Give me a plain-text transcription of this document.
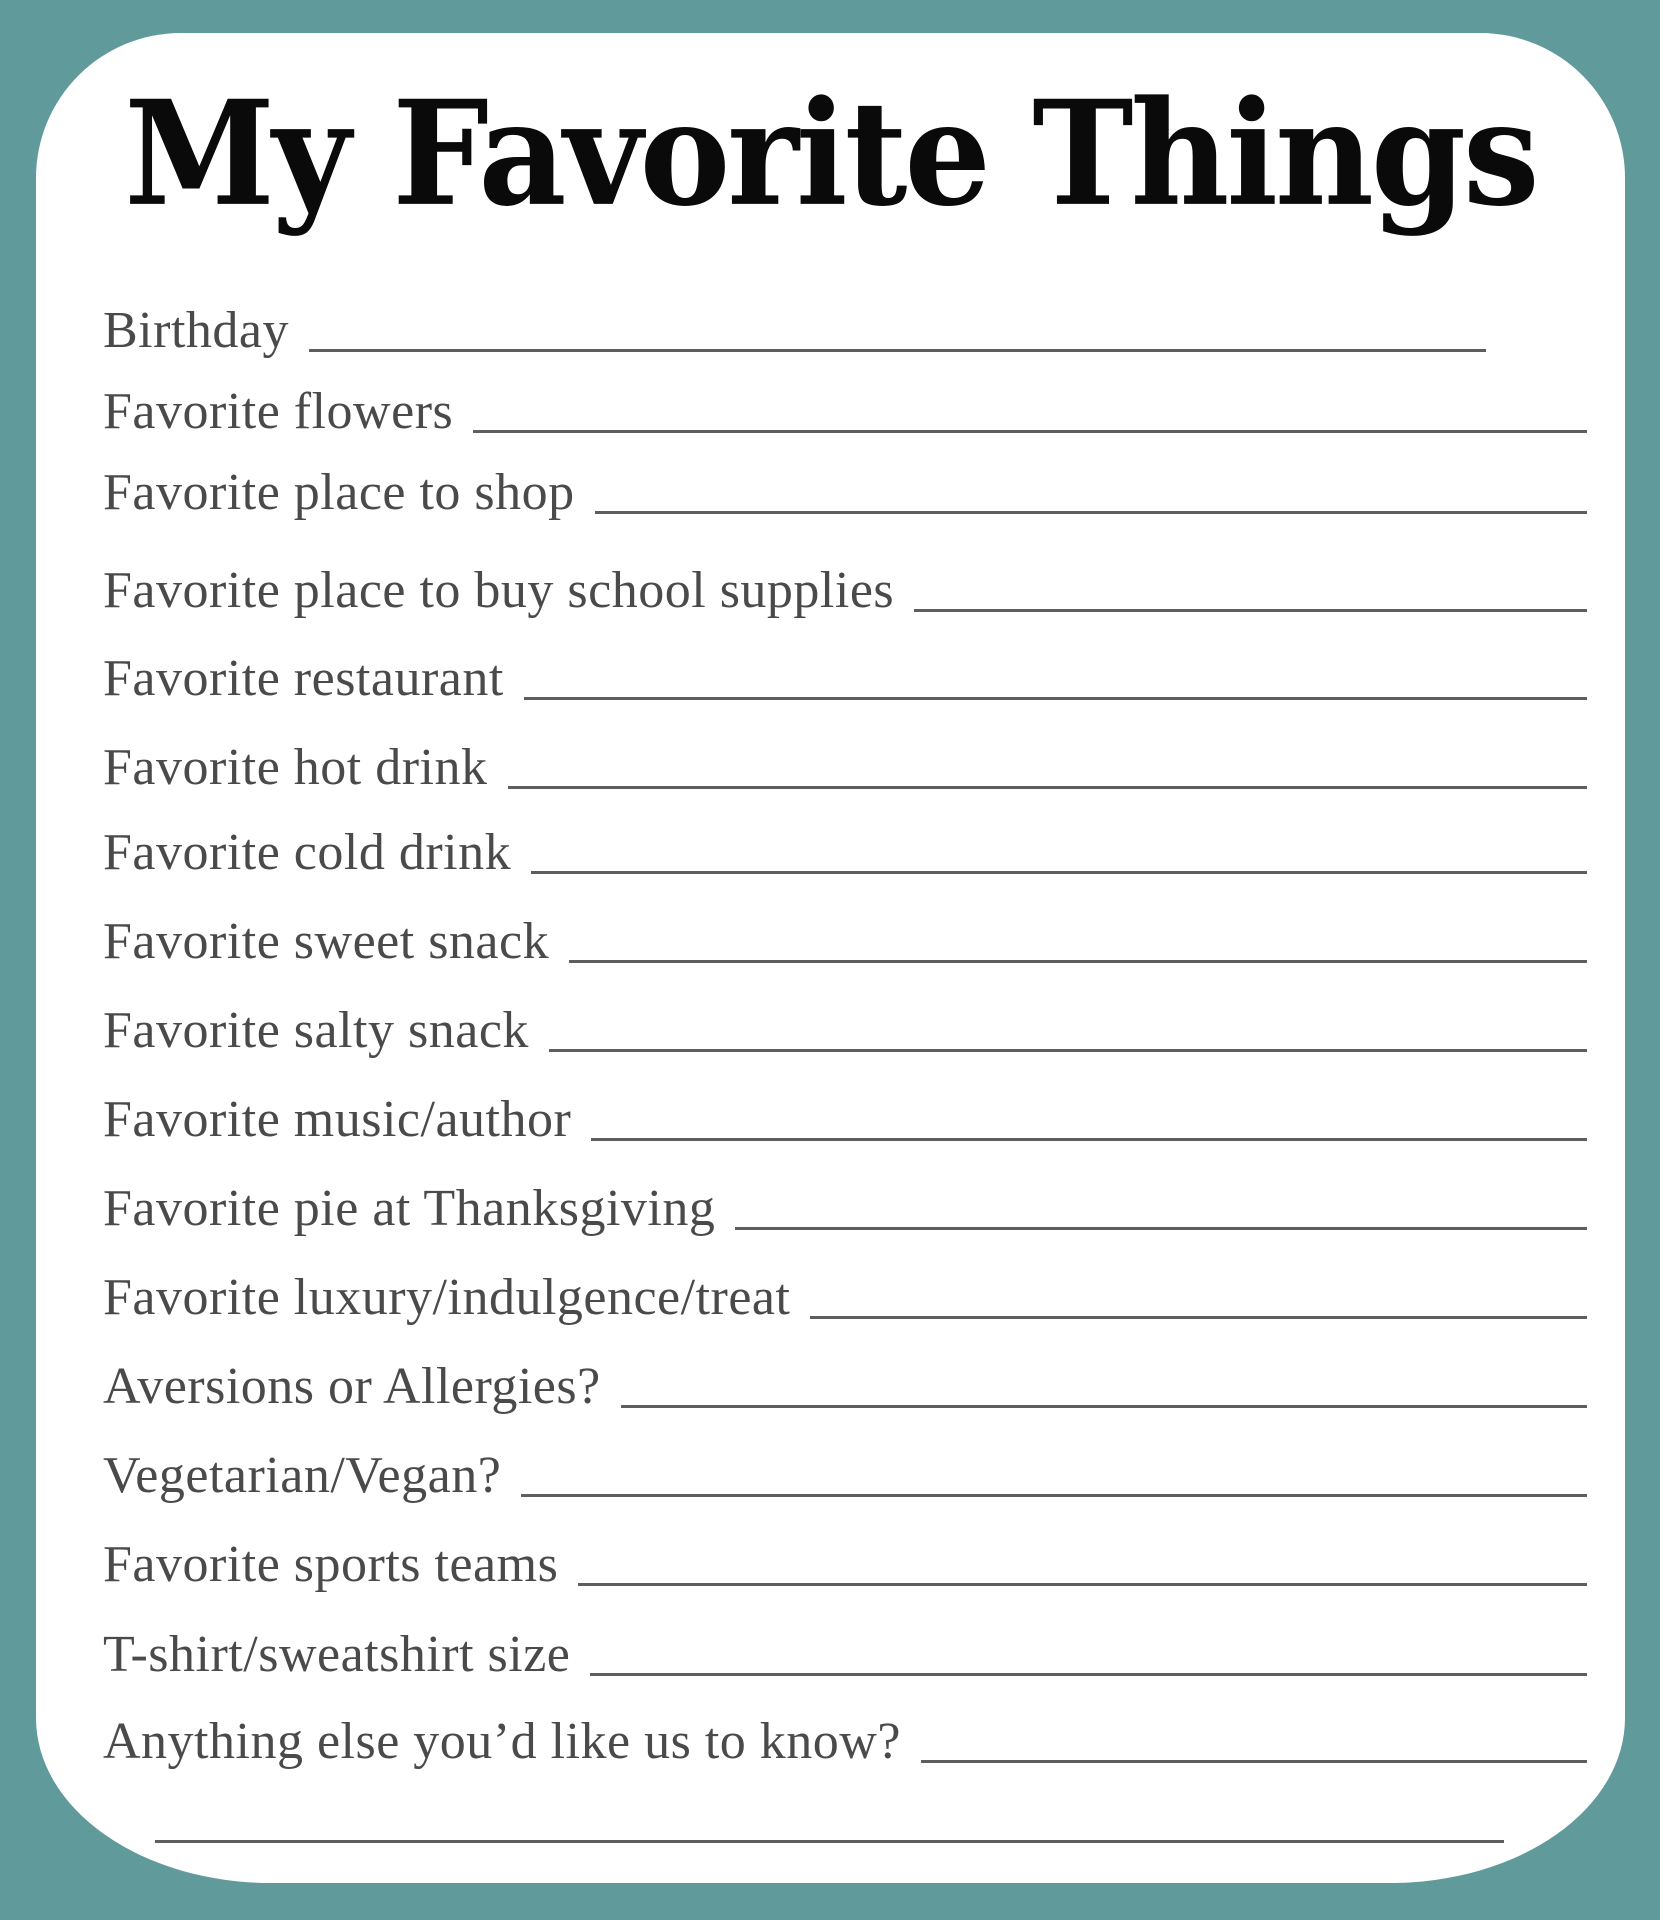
My Favorite Things
Birthday
Favorite flowers
Favorite place to shop
Favorite place to buy school supplies
Favorite restaurant
Favorite hot drink
Favorite cold drink
Favorite sweet snack
Favorite salty snack
Favorite music/author
Favorite pie at Thanksgiving
Favorite luxury/indulgence/treat
Aversions or Allergies?
Vegetarian/Vegan?
Favorite sports teams
T-shirt/sweatshirt size
Anything else you’d like us to know?
